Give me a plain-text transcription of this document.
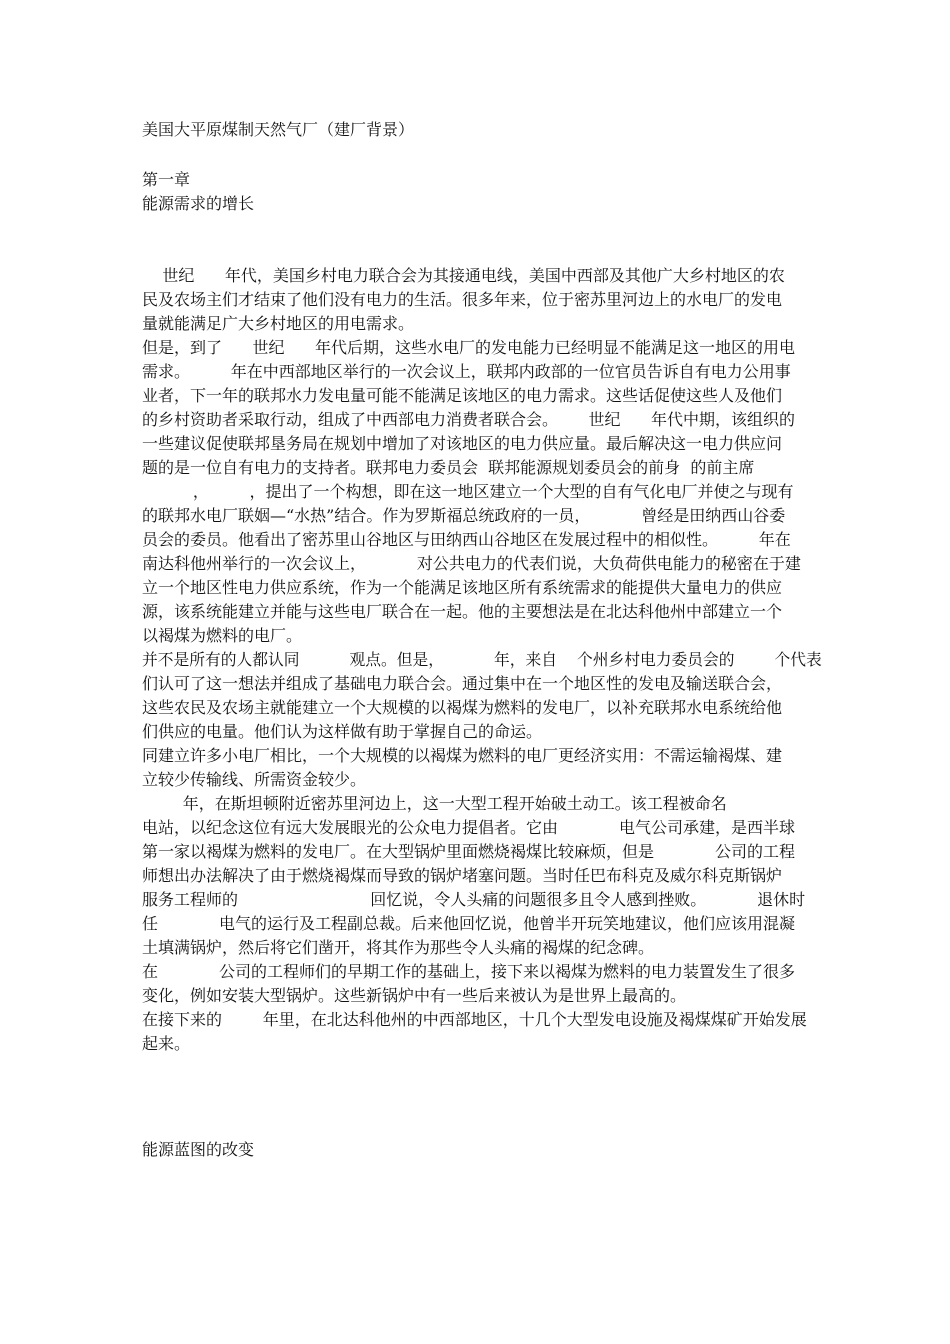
美国大平原煤制天然气厂（建厂背景）

第一章

能源需求的增长

世纪      年代，美国乡村电力联合会为其接通电线，美国中西部及其他广大乡村地区的农
民及农场主们才结束了他们没有电力的生活。很多年来，位于密苏里河边上的水电厂的发电
量就能满足广大乡村地区的用电需求。
但是，到了      世纪      年代后期，这些水电厂的发电能力已经明显不能满足这一地区的用电
需求。        年在中西部地区举行的一次会议上，联邦内政部的一位官员告诉自有电力公用事
业者，下一年的联邦水力发电量可能不能满足该地区的电力需求。这些话促使这些人及他们
的乡村资助者采取行动，组成了中西部电力消费者联合会。      世纪      年代中期，该组织的
一些建议促使联邦垦务局在规划中增加了对该地区的电力供应量。最后解决这一电力供应问
题的是一位自有电力的支持者。联邦电力委员会  联邦能源规划委员会的前身  的前主席
，        ，提出了一个构想，即在这一地区建立一个大型的自有气化电厂并使之与现有
的联邦水电厂联姻—“水热”结合。作为罗斯福总统政府的一员，          曾经是田纳西山谷委
员会的委员。他看出了密苏里山谷地区与田纳西山谷地区在发展过程中的相似性。        年在
南达科他州举行的一次会议上，          对公共电力的代表们说，大负荷供电能力的秘密在于建
立一个地区性电力供应系统，作为一个能满足该地区所有系统需求的能提供大量电力的供应
源，该系统能建立并能与这些电厂联合在一起。他的主要想法是在北达科他州中部建立一个
以褐煤为燃料的电厂。
并不是所有的人都认同          观点。但是，          年，来自    个州乡村电力委员会的        个代表
们认可了这一想法并组成了基础电力联合会。通过集中在一个地区性的发电及输送联合会，
这些农民及农场主就能建立一个大规模的以褐煤为燃料的发电厂，以补充联邦水电系统给他
们供应的电量。他们认为这样做有助于掌握自己的命运。
同建立许多小电厂相比，一个大规模的以褐煤为燃料的电厂更经济实用：不需运输褐煤、建
立较少传输线、所需资金较少。
年，在斯坦顿附近密苏里河边上，这一大型工程开始破土动工。该工程被命名
电站，以纪念这位有远大发展眼光的公众电力提倡者。它由            电气公司承建，是西半球
第一家以褐煤为燃料的发电厂。在大型锅炉里面燃烧褐煤比较麻烦，但是            公司的工程
师想出办法解决了由于燃烧褐煤而导致的锅炉堵塞问题。当时任巴布科克及威尔科克斯锅炉
服务工程师的                          回忆说，令人头痛的问题很多且令人感到挫败。          退休时
任            电气的运行及工程副总裁。后来他回忆说，他曾半开玩笑地建议，他们应该用混凝
土填满锅炉，然后将它们凿开，将其作为那些令人头痛的褐煤的纪念碑。
在            公司的工程师们的早期工作的基础上，接下来以褐煤为燃料的电力装置发生了很多
变化，例如安装大型锅炉。这些新锅炉中有一些后来被认为是世界上最高的。
在接下来的        年里，在北达科他州的中西部地区，十几个大型发电设施及褐煤煤矿开始发展
起来。

能源蓝图的改变
